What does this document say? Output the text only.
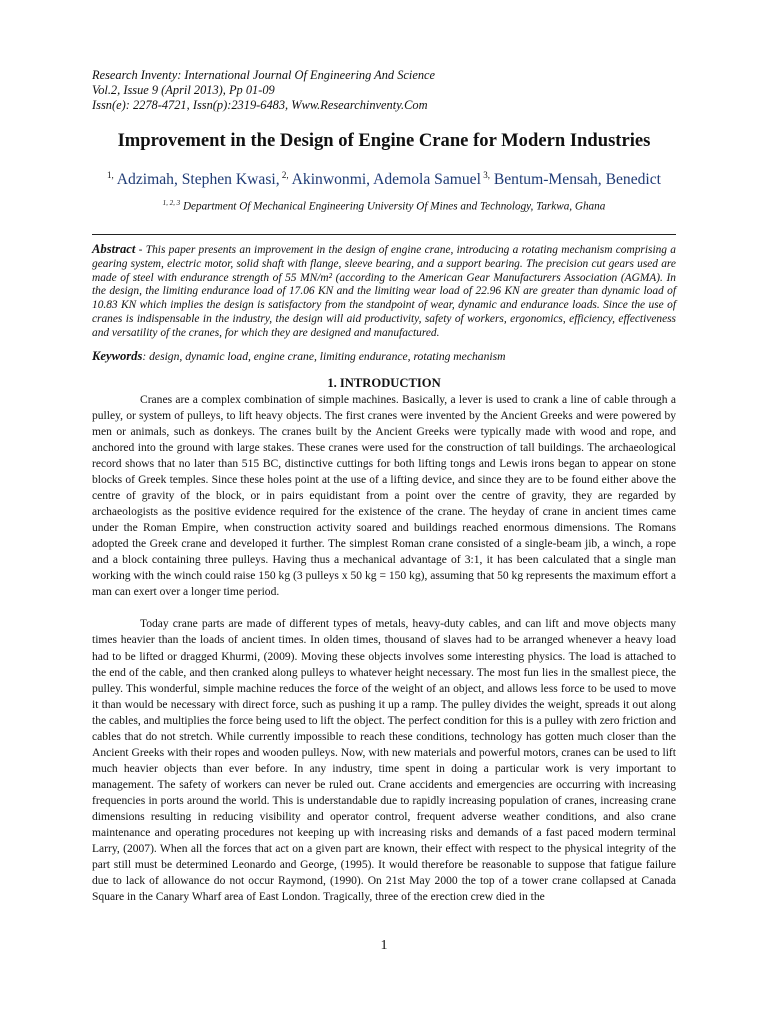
Research Inventy: International Journal Of Engineering And Science
Vol.2, Issue 9 (April 2013), Pp 01-09
Issn(e): 2278-4721, Issn(p):2319-6483, Www.Researchinventy.Com
Improvement in the Design of Engine Crane for Modern Industries
$^{1,}$ Adzimah, Stephen Kwasi, $^{2,}$ Akinwonmi, Ademola Samuel $^{3,}$ Bentum-Mensah, Benedict
$^{1, 2, 3}$ Department Of Mechanical Engineering University Of Mines and Technology, Tarkwa, Ghana
Abstract - This paper presents an improvement in the design of engine crane, introducing a rotating mechanism comprising a gearing system, electric motor, solid shaft with flange, sleeve bearing, and a support bearing. The precision cut gears used are made of steel with endurance strength of 55 MN/m² (according to the American Gear Manufacturers Association (AGMA). In the design, the limiting endurance load of 17.06 KN and the limiting wear load of 22.96 KN are greater than dynamic load of 10.83 KN which implies the design is satisfactory from the standpoint of wear, dynamic and endurance loads. Since the use of cranes is indispensable in the industry, the design will aid productivity, safety of workers, ergonomics, efficiency, effectiveness and versatility of the cranes, for which they are designed and manufactured.
Keywords: design, dynamic load, engine crane, limiting endurance, rotating mechanism
1. INTRODUCTION

Cranes are a complex combination of simple machines. Basically, a lever is used to crank a line of cable through a pulley, or system of pulleys, to lift heavy objects. The first cranes were invented by the Ancient Greeks and were powered by men or animals, such as donkeys. The cranes built by the Ancient Greeks were typically made with wood and rope, and anchored into the ground with large stakes. These cranes were used for the construction of tall buildings. The archaeological record shows that no later than 515 BC, distinctive cuttings for both lifting tongs and Lewis irons began to appear on stone blocks of Greek temples. Since these holes point at the use of a lifting device, and since they are to be found either above the centre of gravity of the block, or in pairs equidistant from a point over the centre of gravity, they are regarded by archaeologists as the positive evidence required for the existence of the crane. The heyday of crane in ancient times came under the Roman Empire, when construction activity soared and buildings reached enormous dimensions. The Romans adopted the Greek crane and developed it further. The simplest Roman crane consisted of a single-beam jib, a winch, a rope and a block containing three pulleys. Having thus a mechanical advantage of 3:1, it has been calculated that a single man working with the winch could raise 150 kg (3 pulleys x 50 kg = 150 kg), assuming that 50 kg represents the maximum effort a man can exert over a longer time period.

Today crane parts are made of different types of metals, heavy-duty cables, and can lift and move objects many times heavier than the loads of ancient times. In olden times, thousand of slaves had to be arranged whenever a heavy load had to be lifted or dragged Khurmi, (2009). Moving these objects involves some interesting physics. The load is attached to the end of the cable, and then cranked along pulleys to whatever height necessary. The most fun lies in the smallest piece, the pulley. This wonderful, simple machine reduces the force of the weight of an object, and allows less force to be used to move it than would be necessary with direct force, such as pushing it up a ramp. The pulley divides the weight, spreads it out along the cables, and multiplies the force being used to lift the object. The perfect condition for this is a pulley with zero friction and cables that do not stretch. While currently impossible to reach these conditions, technology has gotten much closer than the Ancient Greeks with their ropes and wooden pulleys. Now, with new materials and powerful motors, cranes can be used to lift much heavier objects than ever before. In any industry, time spent in doing a particular work is very important to management. The safety of workers can never be ruled out. Crane accidents and emergencies are occurring with increasing frequencies in ports around the world. This is understandable due to rapidly increasing population of cranes, increasing crane dimensions resulting in reducing visibility and operator control, frequent adverse weather conditions, and also crane maintenance and operating procedures not keeping up with increasing risks and demands of a fast paced modern terminal Larry, (2007). When all the forces that act on a given part are known, their effect with respect to the physical integrity of the part still must be determined Leonardo and George, (1995). It would therefore be reasonable to suppose that fatigue failure due to lack of allowance do not occur Raymond, (1990). On 21st May 2000 the top of a tower crane collapsed at Canada Square in the Canary Wharf area of East London. Tragically, three of the erection crew died in the

1
